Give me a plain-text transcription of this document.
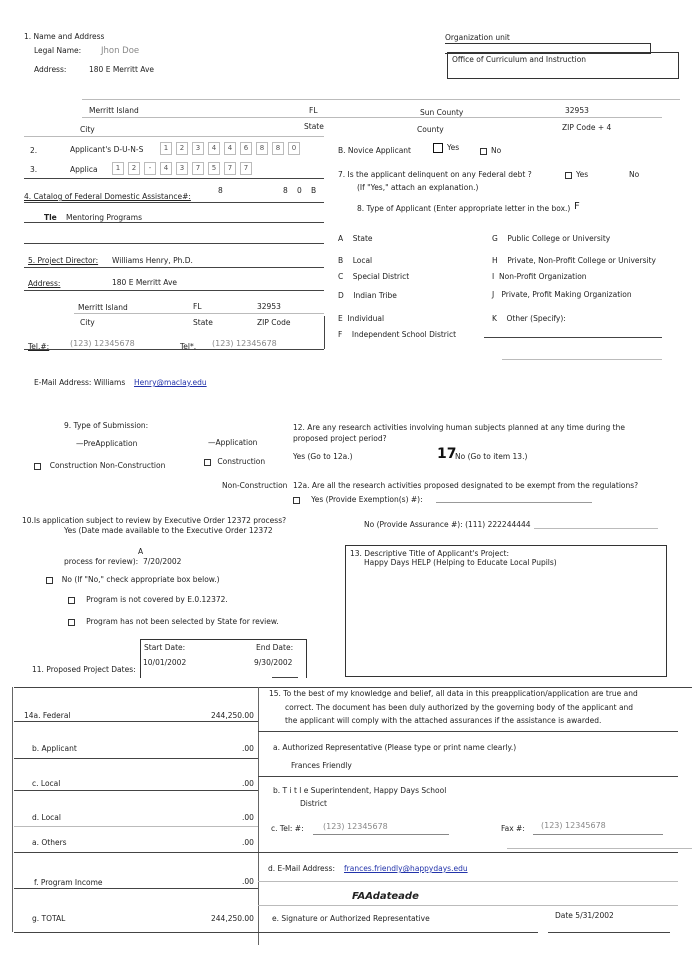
1. Name and Address
Legal Name: Jhon Doe
Address:	180 E Merritt Ave
Organization unit
Office of Curriculum and Instruction
Merritt Island	FL	Sun County	32953
City	State	County	ZIP Code + 4
2.	Applicant's D-U-N-S	1	2	3	4	4	6	8	8	0
3.	Applica	1	2	-	4	3	7	5	7	7
4. Catalog of Federal Domestic Assistance#:
8	8 0 B
Tle Mentoring Programs
5. Project Director: Williams Henry, Ph.D.
Address:	180 E Merritt Ave
Merritt Island	FL	32953
City	State	ZIP Code
Tel.#:	(123) 12345678	Tel*. (123) 12345678
E-Mail Address: Williams Henry@maclay.edu
B. Novice Applicant	Yes	No
7. Is the applicant delinquent on any Federal debt ?	Yes	No
(If "Yes," attach an explanation.)
8. Type of Applicant (Enter appropriate letter in the box.) F
A State
B Local
C Special District
D Indian Tribe
E Individual
F Independent School District
G Public College or University
H Private, Non-Profit College or University
I Non-Profit Organization
J Private, Profit Making Organization
K Other (Specify):
9. Type of Submission:
—PreApplication	—Application
Construction Non-Construction	Construction
Non-Construction
12. Are any research activities involving human subjects planned at any time during the proposed project period?
Yes (Go to 12a.)	17
No (Go to item 13.)
12a. Are all the research activities proposed designated to be exempt from the regulations?
Yes (Provide Exemption(s) #):
No (Provide Assurance #): (111) 222244444
10.Is application subject to review by Executive Order 12372 process?
Yes (Date made available to the Executive Order 12372
A
process for review): 7/20/2002
No (If "No," check appropriate box below.)
Program is not covered by E.0.12372.
Program has not been selected by State for review.
13. Descriptive Title of Applicant's Project:
Happy Days HELP (Helping to Educate Local Pupils)
Start Date:	End Date:
10/01/2002	9/30/2002
11. Proposed Project Dates:
14a. Federal	244,250.00
b. Applicant	.00
c. Local	.00
d. Local	.00
a. Others	.00
f. Program Income	.00
g. TOTAL	244,250.00
15. To the best of my knowledge and belief, all data in this preapplication/application are true and
correct. The document has been duly authorized by the governing body of the applicant and
the applicant will comply with the attached assurances if the assistance is awarded.
a. Authorized Representative (Please type or print name clearly.)
Frances Friendly
b. T i t l e Superintendent, Happy Days School
District
c. Tel: #: (123) 12345678	Fax #: (123) 12345678
d. E-Mail Address: frances.friendly@happydays.edu
FAAdateade
e. Signature or Authorized Representative	Date 5/31/2002
